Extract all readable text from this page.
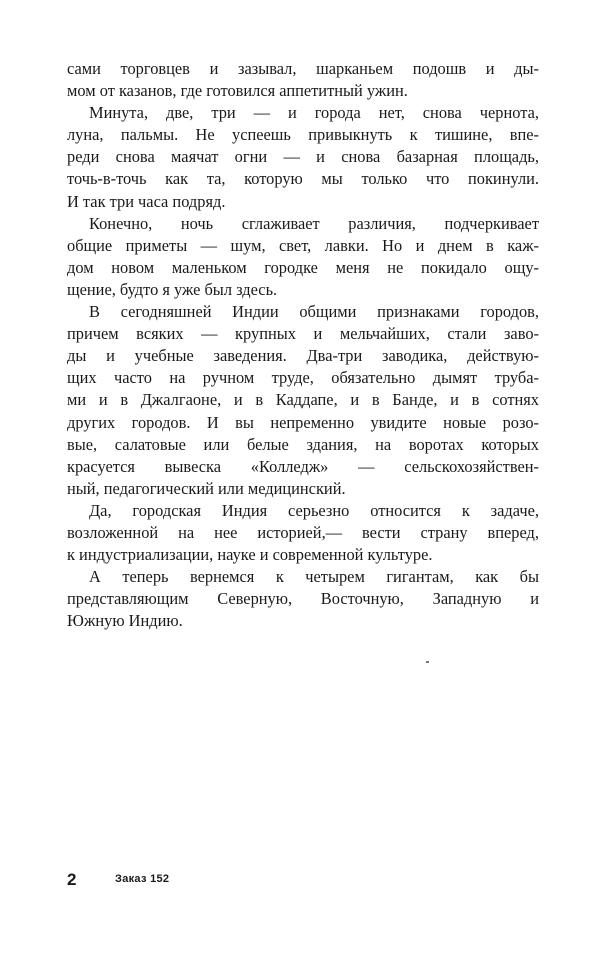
сами торговцев и зазывал, шарканьем подошв и ды-
мом от казанов, где готовился аппетитный ужин.
Минута, две, три — и города нет, снова чернота,
луна, пальмы. Не успеешь привыкнуть к тишине, впе-
реди снова маячат огни — и снова базарная площадь,
точь-в-точь как та, которую мы только что покинули.
И так три часа подряд.
Конечно, ночь сглаживает различия, подчеркивает
общие приметы — шум, свет, лавки. Но и днем в каж-
дом новом маленьком городке меня не покидало ощу-
щение, будто я уже был здесь.
В сегодняшней Индии общими признаками городов,
причем всяких — крупных и мельчайших, стали заво-
ды и учебные заведения. Два-три заводика, действую-
щих часто на ручном труде, обязательно дымят труба-
ми и в Джалгаоне, и в Каддапе, и в Банде, и в сотнях
других городов. И вы непременно увидите новые розо-
вые, салатовые или белые здания, на воротах которых
красуется вывеска «Колледж» — сельскохозяйствен-
ный, педагогический или медицинский.
Да, городская Индия серьезно относится к задаче,
возложенной на нее историей,— вести страну вперед,
к индустриализации, науке и современной культуре.
А теперь вернемся к четырем гигантам, как бы
представляющим Северную, Восточную, Западную и
Южную Индию.
2	Заказ 152
